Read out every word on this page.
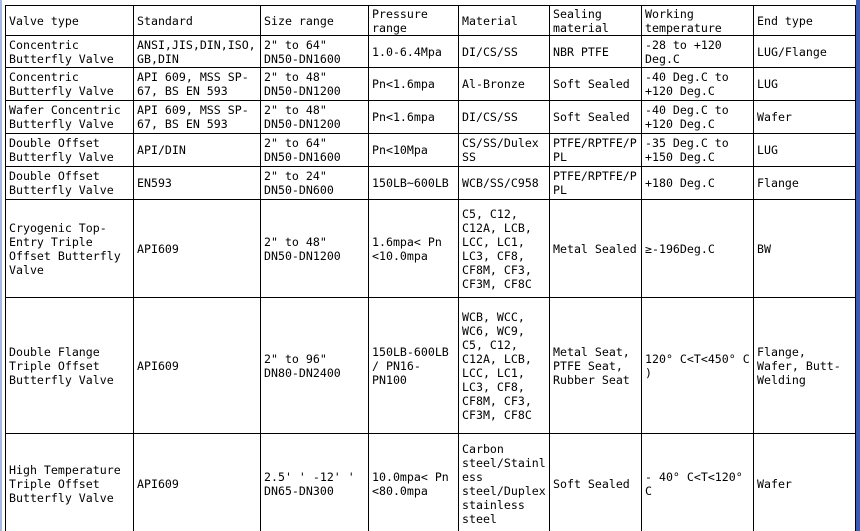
Valve type	Standard	Size range	Pressure range	Material	Sealing material	Working temperature	End type
Concentric Butterfly Valve	ANSI,JIS,DIN,ISO, GB,DIN	2" to 64" DN50-DN1600	1.0-6.4Mpa	DI/CS/SS	NBR PTFE	-28 to +120 Deg.C	LUG/Flange
Concentric Butterfly Valve	API 609, MSS SP-67, BS EN 593	2" to 48" DN50-DN1200	Pn<1.6mpa	Al-Bronze	Soft Sealed	-40 Deg.C to +120 Deg.C	LUG
Wafer Concentric Butterfly Valve	API 609, MSS SP-67, BS EN 593	2" to 48" DN50-DN1200	Pn<1.6mpa	DI/CS/SS	Soft Sealed	-40 Deg.C to +120 Deg.C	Wafer
Double Offset Butterfly Valve	API/DIN	2" to 64" DN50-DN1600	Pn<10Mpa	CS/SS/Dulex SS	PTFE/RPTFE/P PL	-35 Deg.C to +150 Deg.C	LUG
Double Offset Butterfly Valve	EN593	2" to 24" DN50-DN600	150LB~600LB	WCB/SS/C958	PTFE/RPTFE/P PL	+180 Deg.C	Flange
Cryogenic Top-Entry Triple Offset Butterfly Valve	API609	2" to 48" DN50-DN1200	1.6mpa< Pn <10.0mpa	C5, C12, C12A, LCB, LCC, LC1, LC3, CF8, CF8M, CF3, CF3M, CF8C	Metal Sealed	≥-196Deg.C	BW
Double Flange Triple Offset Butterfly Valve	API609	2" to 96" DN80-DN2400	150LB-600LB / PN16-PN100	WCB, WCC, WC6, WC9, C5, C12, C12A, LCB, LCC, LC1, LC3, CF8, CF8M, CF3, CF3M, CF8C	Metal Seat, PTFE Seat, Rubber Seat	120° C<T<450° C )	Flange, Wafer, Butt-Welding
High Temperature Triple Offset Butterfly Valve	API609	2.5' ' -12' ' DN65-DN300	10.0mpa< Pn <80.0mpa	Carbon steel/Stainless steel/Duplex stainless steel	Soft Sealed	- 40° C<T<120° C	Wafer
